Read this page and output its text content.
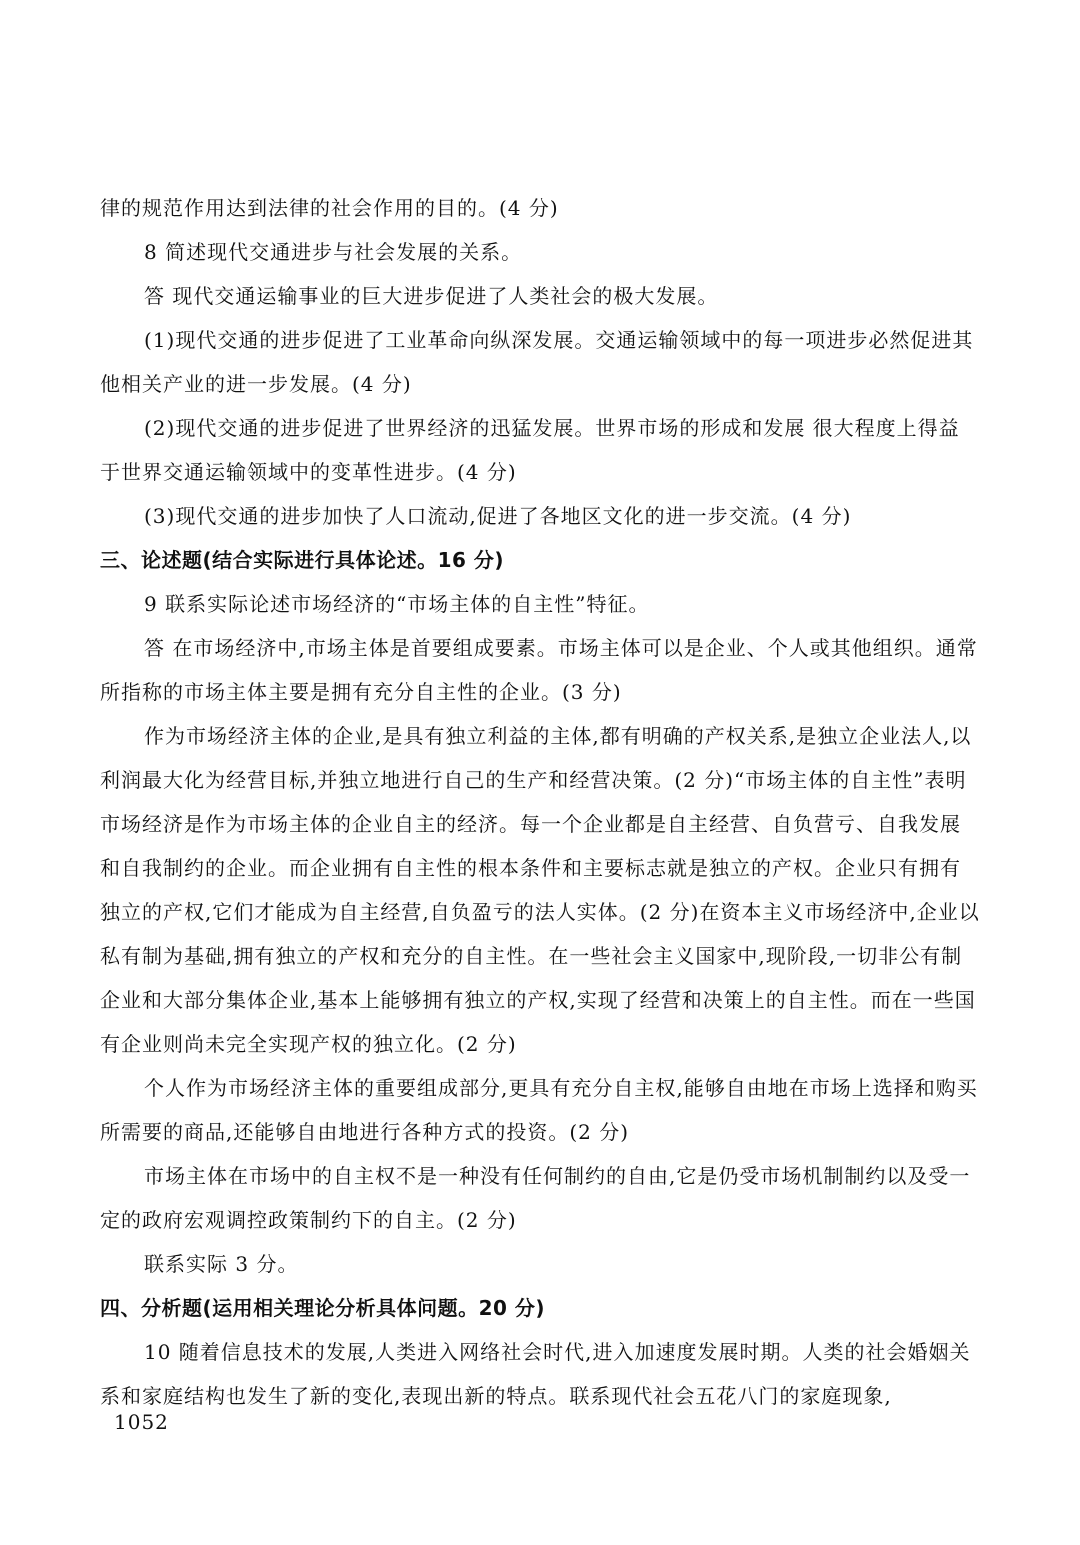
律的规范作用达到法律的社会作用的目的。(4 分)
8 简述现代交通进步与社会发展的关系。
答 现代交通运输事业的巨大进步促进了人类社会的极大发展。
(1)现代交通的进步促进了工业革命向纵深发展。交通运输领域中的每一项进步必然促进其他相关产业的进一步发展。(4 分)
(2)现代交通的进步促进了世界经济的迅猛发展。世界市场的形成和发展 很大程度上得益于世界交通运输领域中的变革性进步。(4 分)
(3)现代交通的进步加快了人口流动,促进了各地区文化的进一步交流。(4 分)
三、论述题(结合实际进行具体论述。16 分)
9 联系实际论述市场经济的“市场主体的自主性”特征。
答 在市场经济中,市场主体是首要组成要素。市场主体可以是企业、个人或其他组织。通常所指称的市场主体主要是拥有充分自主性的企业。(3 分)
作为市场经济主体的企业,是具有独立利益的主体,都有明确的产权关系,是独立企业法人,以利润最大化为经营目标,并独立地进行自己的生产和经营决策。(2 分)“市场主体的自主性”表明市场经济是作为市场主体的企业自主的经济。每一个企业都是自主经营、自负营亏、自我发展和自我制约的企业。而企业拥有自主性的根本条件和主要标志就是独立的产权。企业只有拥有独立的产权,它们才能成为自主经营,自负盈亏的法人实体。(2 分)在资本主义市场经济中,企业以私有制为基础,拥有独立的产权和充分的自主性。在一些社会主义国家中,现阶段,一切非公有制企业和大部分集体企业,基本上能够拥有独立的产权,实现了经营和决策上的自主性。而在一些国有企业则尚未完全实现产权的独立化。(2 分)
个人作为市场经济主体的重要组成部分,更具有充分自主权,能够自由地在市场上选择和购买所需要的商品,还能够自由地进行各种方式的投资。(2 分)
市场主体在市场中的自主权不是一种没有任何制约的自由,它是仍受市场机制制约以及受一定的政府宏观调控政策制约下的自主。(2 分)
联系实际 3 分。
四、分析题(运用相关理论分析具体问题。20 分)
10 随着信息技术的发展,人类进入网络社会时代,进入加速度发展时期。人类的社会婚姻关系和家庭结构也发生了新的变化,表现出新的特点。联系现代社会五花八门的家庭现象,
1052
